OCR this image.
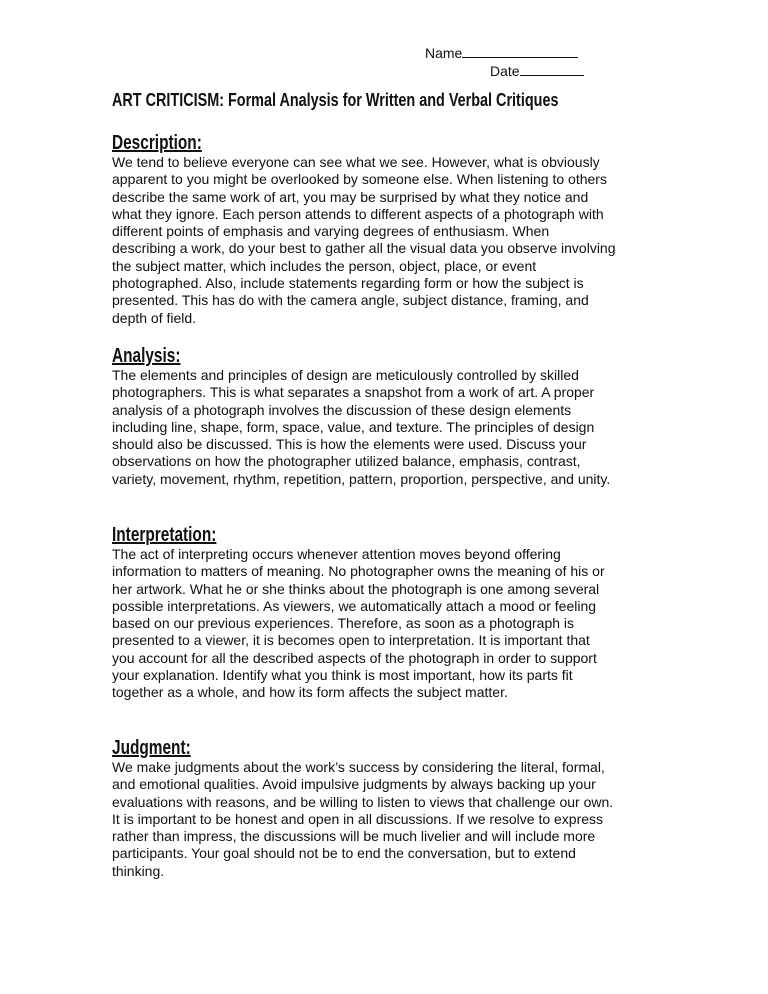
Name
Date
ART CRITICISM: Formal Analysis for Written and Verbal Critiques
Description:
We tend to believe everyone can see what we see. However, what is obviously
apparent to you might be overlooked by someone else. When listening to others
describe the same work of art, you may be surprised by what they notice and
what they ignore. Each person attends to different aspects of a photograph with
different points of emphasis and varying degrees of enthusiasm. When
describing a work, do your best to gather all the visual data you observe involving
the subject matter, which includes the person, object, place, or event
photographed. Also, include statements regarding form or how the subject is
presented. This has do with the camera angle, subject distance, framing, and
depth of field.
Analysis:
The elements and principles of design are meticulously controlled by skilled
photographers. This is what separates a snapshot from a work of art. A proper
analysis of a photograph involves the discussion of these design elements
including line, shape, form, space, value, and texture. The principles of design
should also be discussed. This is how the elements were used. Discuss your
observations on how the photographer utilized balance, emphasis, contrast,
variety, movement, rhythm, repetition, pattern, proportion, perspective, and unity.
Interpretation:
The act of interpreting occurs whenever attention moves beyond offering
information to matters of meaning. No photographer owns the meaning of his or
her artwork. What he or she thinks about the photograph is one among several
possible interpretations. As viewers, we automatically attach a mood or feeling
based on our previous experiences. Therefore, as soon as a photograph is
presented to a viewer, it is becomes open to interpretation. It is important that
you account for all the described aspects of the photograph in order to support
your explanation. Identify what you think is most important, how its parts fit
together as a whole, and how its form affects the subject matter.
Judgment:
We make judgments about the work’s success by considering the literal, formal,
and emotional qualities. Avoid impulsive judgments by always backing up your
evaluations with reasons, and be willing to listen to views that challenge our own.
It is important to be honest and open in all discussions. If we resolve to express
rather than impress, the discussions will be much livelier and will include more
participants. Your goal should not be to end the conversation, but to extend
thinking.
